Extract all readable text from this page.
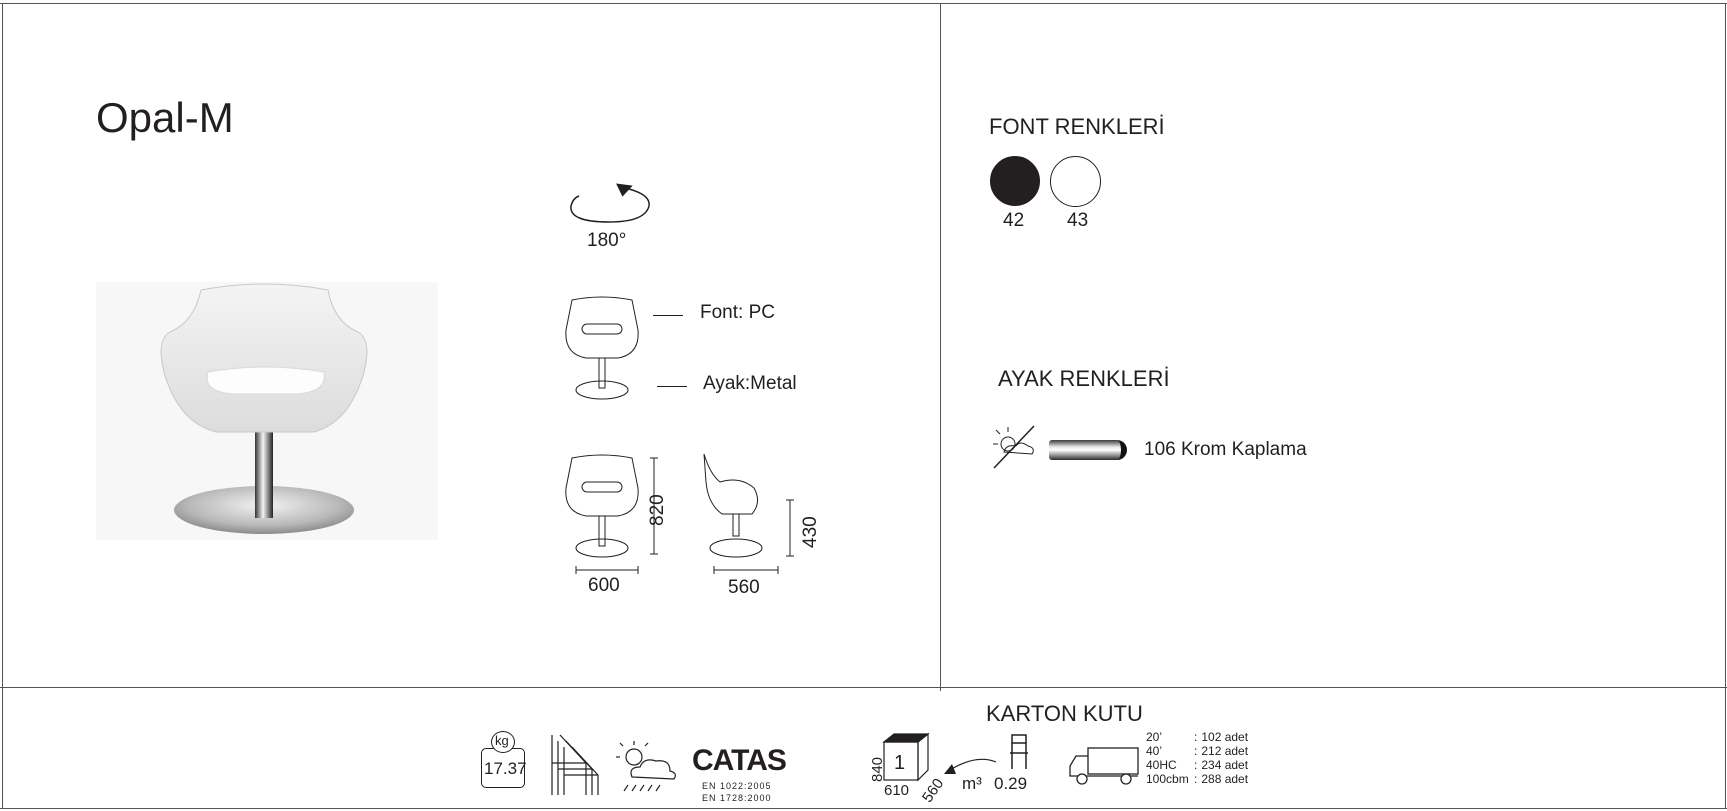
Opal-M
180°
Font: PC
Ayak:Metal
820
600
430
560
FONT RENKLERİ
42 43
AYAK RENKLERİ
106 Krom Kaplama
KARTON KUTU
kg
17.37	CATAS
EN 1022:2005
EN 1728:2000
1
840
610 560 m³ 0.29
20’	:	102 adet
40’	:	212 adet
40HC	:	234 adet
100cbm	:	288 adet
